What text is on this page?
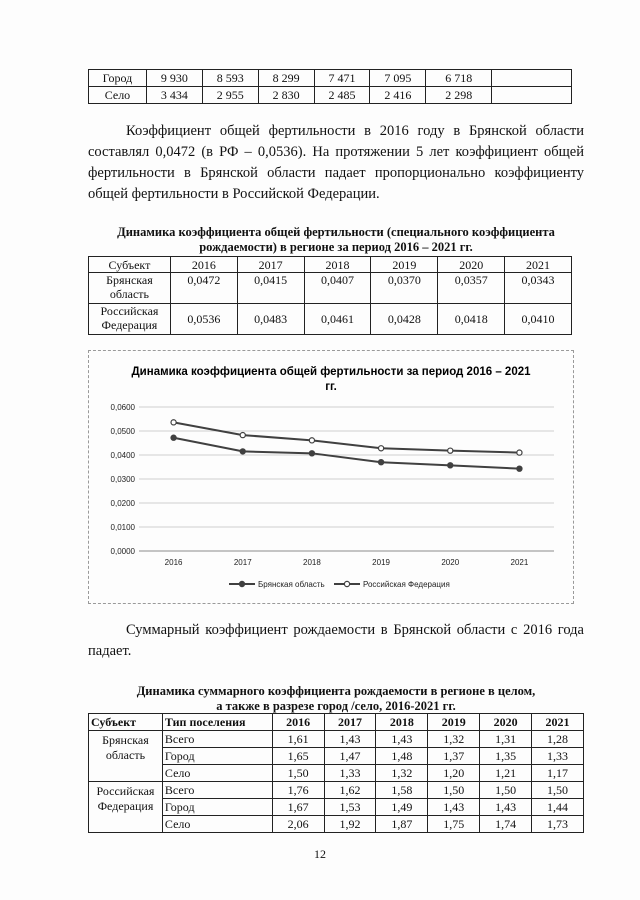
Город	9 930	8 593	8 299	7 471	7 095	6 718	
Село	3 434	2 955	2 830	2 485	2 416	2 298	

Коэффициент общей фертильности в 2016 году в Брянской области составлял 0,0472 (в РФ – 0,0536). На протяжении 5 лет коэффициент общей фертильности в Брянской области падает пропорционально коэффициенту общей фертильности в Российской Федерации.

Динамика коэффициента общей фертильности (специального коэффициента
рождаемости) в регионе за период 2016 – 2021 гг.
Субъект	2016	2017	2018	2019	2020	2021

Брянская
область	0,0472	0,0415	0,0407	0,0370	0,0357	0,0343

Российская
Федерация	0,0536	0,0483	0,0461	0,0428	0,0418	0,0410
Динамика коэффициента общей фертильности за период 2016 – 2021
гг.
0,0000
0,0100
0,0200
0,0300
0,0400
0,0500
0,0600
2016	2017	2018	2019	2020	2021
Брянская область	Российская Федерация

Суммарный коэффициент рождаемости в Брянской области с 2016 года падает.

Динамика суммарного коэффициента рождаемости в регионе в целом,
а также в разрезе город /село, 2016-2021 гг.
Субъект	Тип поселения	2016	2017	2018	2019	2020	2021

Брянская
область	Всего	1,61	1,43	1,43	1,32	1,31	1,28
	Город	1,65	1,47	1,48	1,37	1,35	1,33
	Село	1,50	1,33	1,32	1,20	1,21	1,17

Российская
Федерация	Всего	1,76	1,62	1,58	1,50	1,50	1,50
	Город	1,67	1,53	1,49	1,43	1,43	1,44
	Село	2,06	1,92	1,87	1,75	1,74	1,73
12
